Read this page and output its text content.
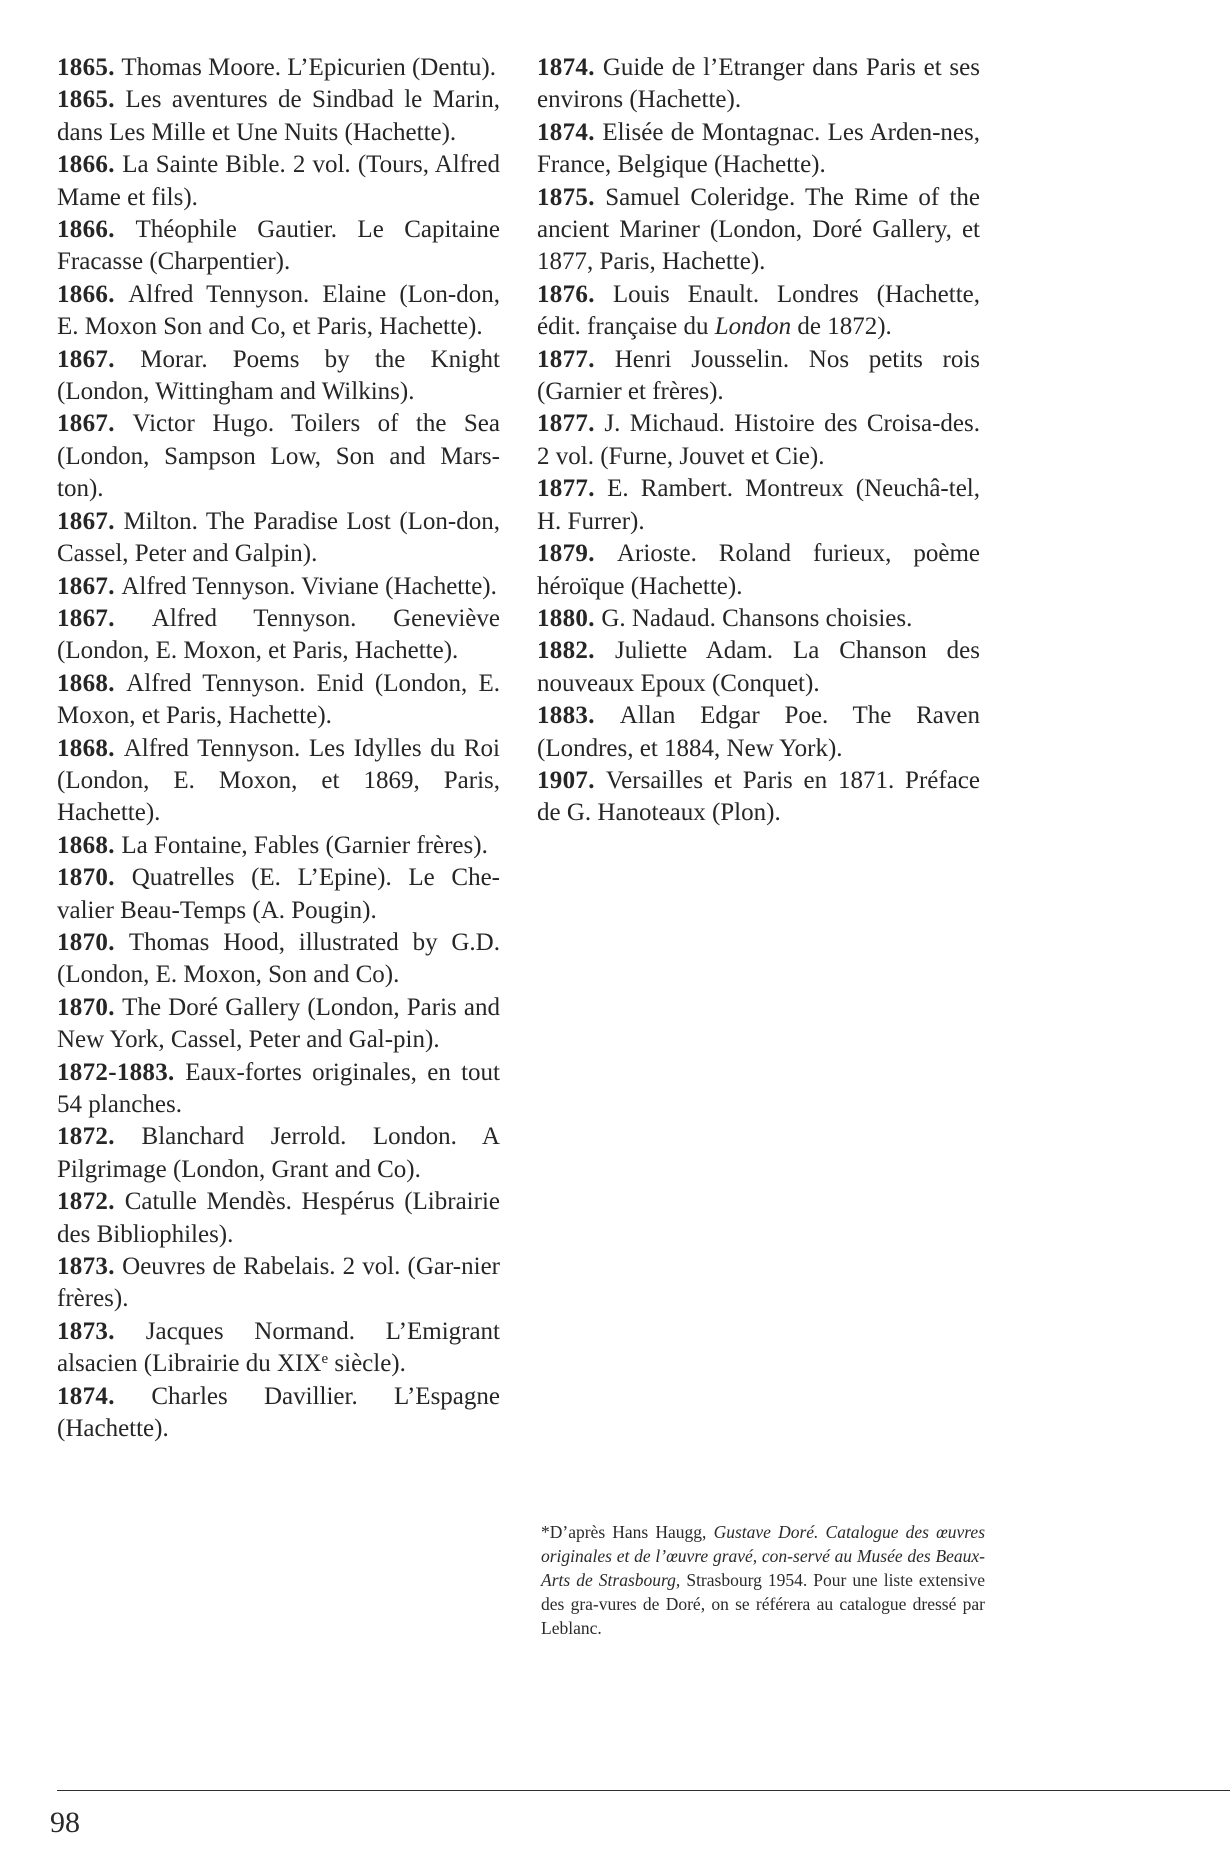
1865 . Thomas Moore. L’Epicurien (Dentu).

1865 . Les aventures de Sindbad le Marin, dans Les Mille et Une Nuits (Hachette).

1866 . La Sainte Bible. 2 vol. (Tours, Alfred Mame et fils).

1866 . Théophile Gautier. Le Capitaine Fracasse (Charpentier).

1866 . Alfred Tennyson. Elaine (Lon-don, E. Moxon Son and Co, et Paris, Hachette).

1867 . Morar. Poems by the Knight (London, Wittingham and Wilkins).

1867 . Victor Hugo. Toilers of the Sea (London, Sampson Low, Son and Mars-ton).

1867 . Milton. The Paradise Lost (Lon-don, Cassel, Peter and Galpin).

1867 . Alfred Tennyson. Viviane (Hachette).

1867 . Alfred Tennyson. Geneviève (London, E. Moxon, et Paris, Hachette).

1868 . Alfred Tennyson. Enid (London, E. Moxon, et Paris, Hachette).

1868 . Alfred Tennyson. Les Idylles du Roi (London, E. Moxon, et 1869, Paris, Hachette).

1868 . La Fontaine, Fables (Garnier frères).

1870 . Quatrelles (E. L’Epine). Le Che-valier Beau-Temps (A. Pougin).

1870 . Thomas Hood, illustrated by G.D. (London, E. Moxon, Son and Co).

1870 . The Doré Gallery (London, Paris and New York, Cassel, Peter and Gal-pin).

1872-1883 . Eaux-fortes originales, en tout 54 planches.

1872 . Blanchard Jerrold. London. A Pilgrimage (London, Grant and Co).

1872 . Catulle Mendès. Hespérus (Librairie des Bibliophiles).

1873 . Oeuvres de Rabelais. 2 vol. (Gar-nier frères).

1873 . Jacques Normand. L’Emigrant alsacien (Librairie du XIXe siècle).

1874 . Charles Davillier. L’Espagne (Hachette).

1874 . Guide de l’Etranger dans Paris et ses environs (Hachette).

1874 . Elisée de Montagnac. Les Arden-nes, France, Belgique (Hachette).

1875 . Samuel Coleridge. The Rime of the ancient Mariner (London, Doré Gallery, et 1877, Paris, Hachette).

1876 . Louis Enault. Londres (Hachette, édit. française du London de 1872).

1877 . Henri Jousselin. Nos petits rois (Garnier et frères).

1877 . J. Michaud. Histoire des Croisa-des. 2 vol. (Furne, Jouvet et Cie).

1877 . E. Rambert. Montreux (Neuchâ-tel, H. Furrer).

1879 . Arioste. Roland furieux, poème héroïque (Hachette).

1880 . G. Nadaud. Chansons choisies.

1882 . Juliette Adam. La Chanson des nouveaux Epoux (Conquet).

1883 . Allan Edgar Poe. The Raven (Londres, et 1884, New York).

1907 . Versailles et Paris en 1871. Préface de G. Hanoteaux (Plon).

*D’après Hans Haugg, Gustave Doré. Catalogue des œuvres originales et de l’œuvre gravé, con-servé au Musée des Beaux-Arts de Strasbourg, Strasbourg 1954. Pour une liste extensive des gra-vures de Doré, on se référera au catalogue dressé par Leblanc.
98
